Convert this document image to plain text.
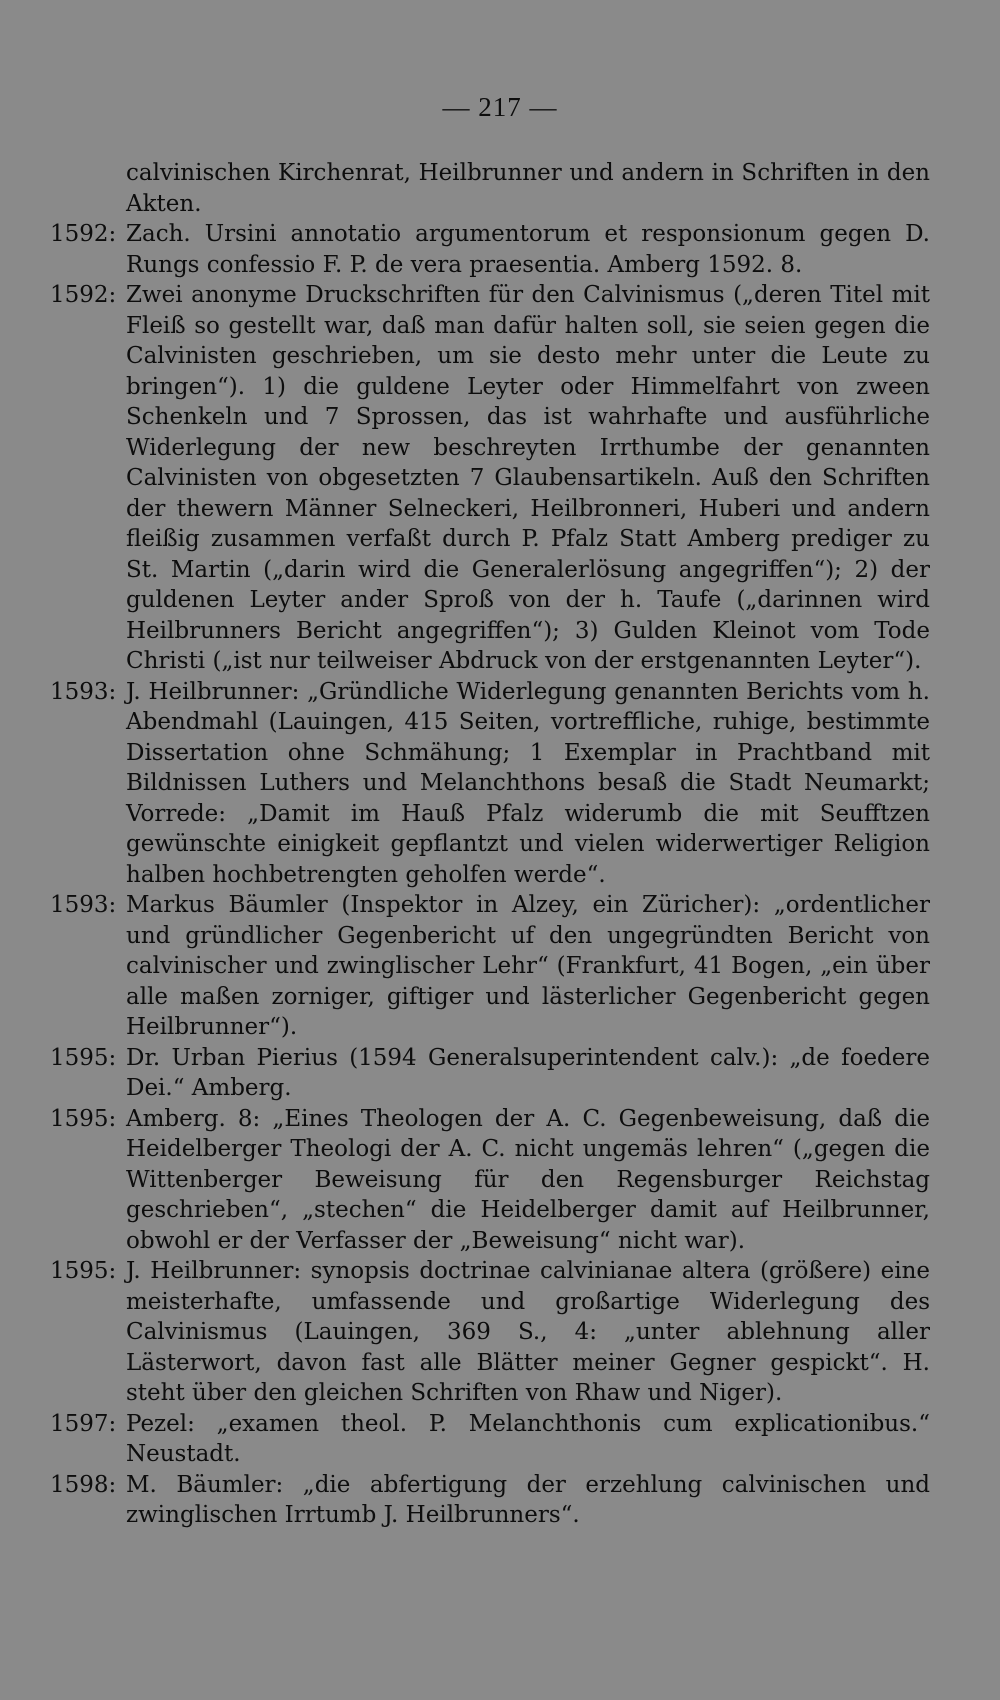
— 217 —
calvinischen Kirchenrat, Heilbrunner und andern in Schriften in den Akten.
1592: Zach. Ursini annotatio argumentorum et responsionum gegen D. Rungs confessio F. P. de vera praesentia. Amberg 1592. 8.
1592: Zwei anonyme Druckschriften für den Calvinismus („deren Titel mit Fleiß so gestellt war, daß man dafür halten soll, sie seien gegen die Calvinisten geschrieben, um sie desto mehr unter die Leute zu bringen“). 1) die guldene Leyter oder Himmelfahrt von zween Schenkeln und 7 Sprossen, das ist wahrhafte und ausführliche Widerlegung der new beschreyten Irrthumbe der genannten Calvinisten von obgesetzten 7 Glaubensartikeln. Auß den Schriften der thewern Männer Selneckeri, Heilbronneri, Huberi und andern fleißig zusammen verfaßt durch P. Pfalz Statt Amberg prediger zu St. Martin („darin wird die Generalerlösung angegriffen“); 2) der guldenen Leyter ander Sproß von der h. Taufe („darinnen wird Heilbrunners Bericht angegriffen“); 3) Gulden Kleinot vom Tode Christi („ist nur teilweiser Abdruck von der erstgenannten Leyter“).
1593: J. Heilbrunner: „Gründliche Widerlegung genannten Berichts vom h. Abendmahl (Lauingen, 415 Seiten, vortreffliche, ruhige, bestimmte Dissertation ohne Schmähung; 1 Exemplar in Prachtband mit Bildnissen Luthers und Melanchthons besaß die Stadt Neumarkt; Vorrede: „Damit im Hauß Pfalz widerumb die mit Seufftzen gewünschte einigkeit gepflantzt und vielen widerwertiger Religion halben hochbetrengten geholfen werde“.
1593: Markus Bäumler (Inspektor in Alzey, ein Züricher): „ordentlicher und gründlicher Gegenbericht uf den ungegründten Bericht von calvinischer und zwinglischer Lehr“ (Frankfurt, 41 Bogen, „ein über alle maßen zorniger, giftiger und lästerlicher Gegenbericht gegen Heilbrunner“).
1595: Dr. Urban Pierius (1594 Generalsuperintendent calv.): „de foedere Dei.“ Amberg.
1595: Amberg. 8: „Eines Theologen der A. C. Gegenbeweisung, daß die Heidelberger Theologi der A. C. nicht ungemäs lehren“ („gegen die Wittenberger Beweisung für den Regensburger Reichstag geschrieben“, „stechen“ die Heidelberger damit auf Heilbrunner, obwohl er der Verfasser der „Beweisung“ nicht war).
1595: J. Heilbrunner: synopsis doctrinae calvinianae altera (größere) eine meisterhafte, umfassende und großartige Widerlegung des Calvinismus (Lauingen, 369 S., 4: „unter ablehnung aller Lästerwort, davon fast alle Blätter meiner Gegner gespickt“. H. steht über den gleichen Schriften von Rhaw und Niger).
1597: Pezel: „examen theol. P. Melanchthonis cum explicationibus.“ Neustadt.
1598: M. Bäumler: „die abfertigung der erzehlung calvinischen und zwinglischen Irrtumb J. Heilbrunners“.
